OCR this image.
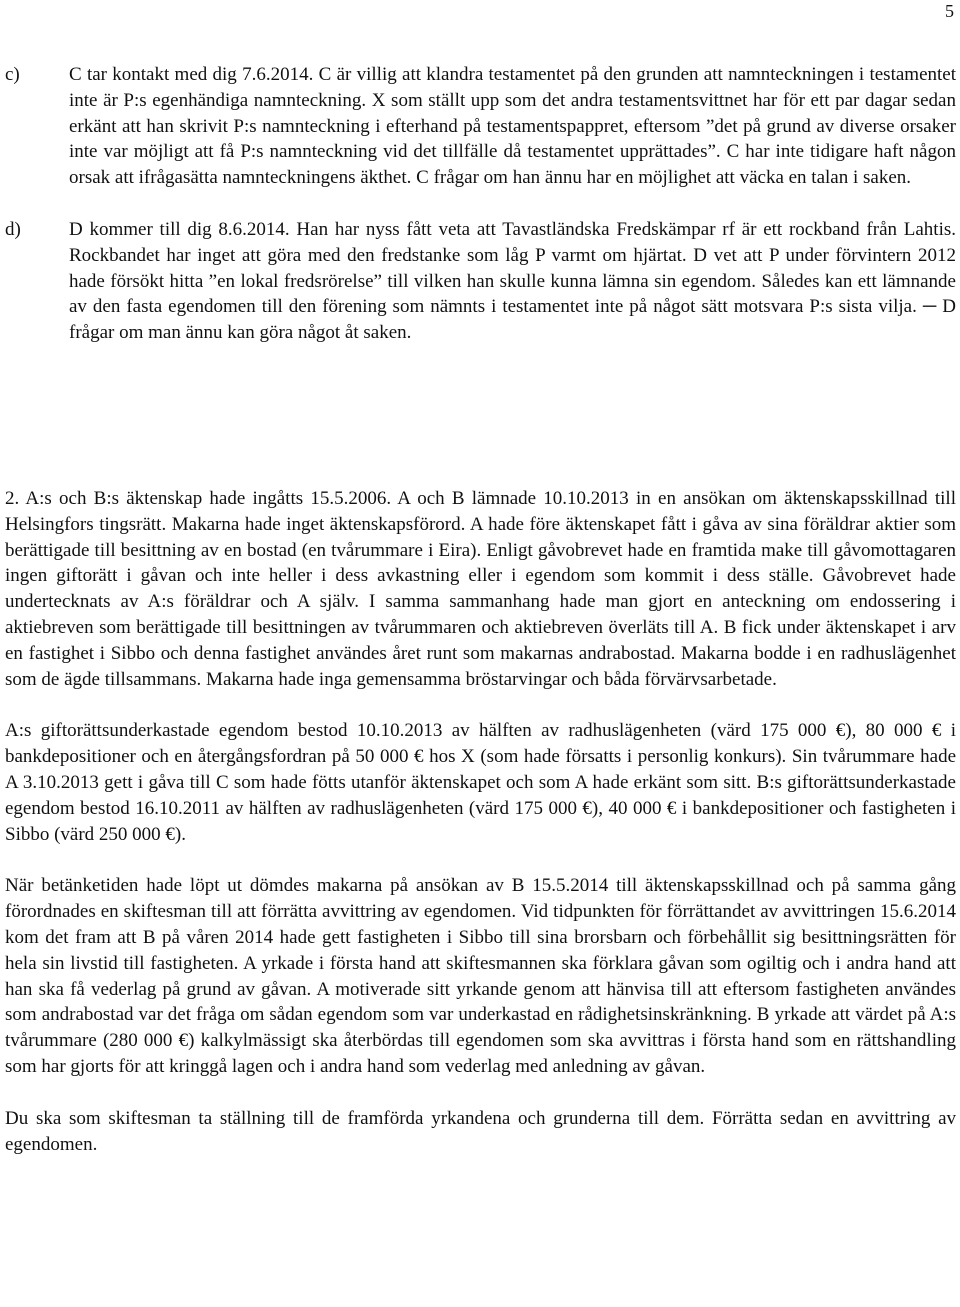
5
c)	C tar kontakt med dig 7.6.2014. C är villig att klandra testamentet på den grunden att namnteckningen i testamentet inte är P:s egenhändiga namnteckning. X som ställt upp som det andra testamentsvittnet har för ett par dagar sedan erkänt att han skrivit P:s namnteckning i efterhand på testamentspappret, eftersom ”det på grund av diverse orsaker inte var möjligt att få P:s namnteckning vid det tillfälle då testamentet upprättades”. C har inte tidigare haft någon orsak att ifrågasätta namnteckningens äkthet. C frågar om han ännu har en möjlighet att väcka en talan i saken.
d)	D kommer till dig 8.6.2014. Han har nyss fått veta att Tavastländska Fredskämpar rf är ett rockband från Lahtis. Rockbandet har inget att göra med den fredstanke som låg P varmt om hjärtat. D vet att P under förvintern 2012 hade försökt hitta ”en lokal fredsrörelse” till vilken han skulle kunna lämna sin egendom. Således kan ett lämnande av den fasta egendomen till den förening som nämnts i testamentet inte på något sätt motsvara P:s sista vilja. ─ D frågar om man ännu kan göra något åt saken.
2. A:s och B:s äktenskap hade ingåtts 15.5.2006. A och B lämnade 10.10.2013 in en ansökan om äktenskapsskillnad till Helsingfors tingsrätt. Makarna hade inget äktenskapsförord. A hade före äktenskapet fått i gåva av sina föräldrar aktier som berättigade till besittning av en bostad (en tvårummare i Eira). Enligt gåvobrevet hade en framtida make till gåvomottagaren ingen giftorätt i gåvan och inte heller i dess avkastning eller i egendom som kommit i dess ställe. Gåvobrevet hade undertecknats av A:s föräldrar och A själv. I samma sammanhang hade man gjort en anteckning om endossering i aktiebreven som berättigade till besittningen av tvårummaren och aktiebreven överläts till A. B fick under äktenskapet i arv en fastighet i Sibbo och denna fastighet användes året runt som makarnas andrabostad. Makarna bodde i en radhuslägenhet som de ägde tillsammans. Makarna hade inga gemensamma bröstarvingar och båda förvärvsarbetade.
A:s giftorättsunderkastade egendom bestod 10.10.2013 av hälften av radhuslägenheten (värd 175 000 €), 80 000 € i bankdepositioner och en återgångsfordran på 50 000 € hos X (som hade försatts i personlig konkurs). Sin tvårummare hade A 3.10.2013 gett i gåva till C som hade fötts utanför äktenskapet och som A hade erkänt som sitt. B:s giftorättsunderkastade egendom bestod 16.10.2011 av hälften av radhuslägenheten (värd 175 000 €), 40 000 € i bankdepositioner och fastigheten i Sibbo (värd 250 000 €).
När betänketiden hade löpt ut dömdes makarna på ansökan av B 15.5.2014 till äktenskapsskillnad och på samma gång förordnades en skiftesman till att förrätta avvittring av egendomen. Vid tidpunkten för förrättandet av avvittringen 15.6.2014 kom det fram att B på våren 2014 hade gett fastigheten i Sibbo till sina brorsbarn och förbehållit sig besittningsrätten för hela sin livstid till fastigheten. A yrkade i första hand att skiftesmannen ska förklara gåvan som ogiltig och i andra hand att han ska få vederlag på grund av gåvan. A motiverade sitt yrkande genom att hänvisa till att eftersom fastigheten användes som andrabostad var det fråga om sådan egendom som var underkastad en rådighetsinskränkning. B yrkade att värdet på A:s tvårummare (280 000 €) kalkylmässigt ska återbördas till egendomen som ska avvittras i första hand som en rättshandling som har gjorts för att kringgå lagen och i andra hand som vederlag med anledning av gåvan.
Du ska som skiftesman ta ställning till de framförda yrkandena och grunderna till dem. Förrätta sedan en avvittring av egendomen.
